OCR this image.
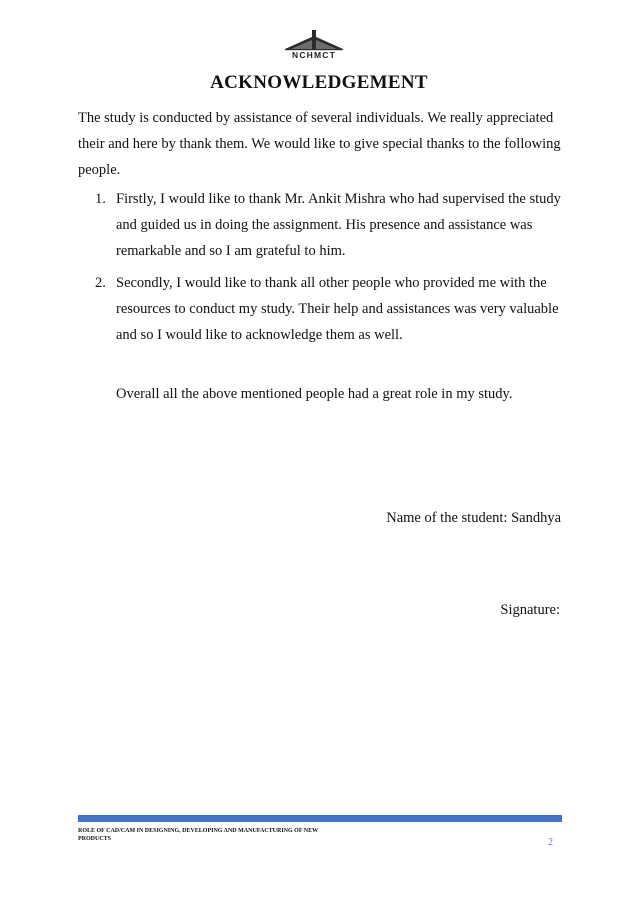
NCHMCT
ACKNOWLEDGEMENT
The study is conducted by assistance of several individuals. We really appreciated their and here by thank them. We would like to give special thanks to the following people.
1. Firstly, I would like to thank Mr. Ankit Mishra who had supervised the study and guided us in doing the assignment. His presence and assistance was remarkable and so I am grateful to him.
2. Secondly, I would like to thank all other people who provided me with the resources to conduct my study. Their help and assistances was very valuable and so I would like to acknowledge them as well.
Overall all the above mentioned people had a great role in my study.
Name of the student: Sandhya
Signature:
ROLE OF CAD/CAM IN DESIGNING, DEVELOPING AND MANUFACTURING OF NEW PRODUCTS	2
